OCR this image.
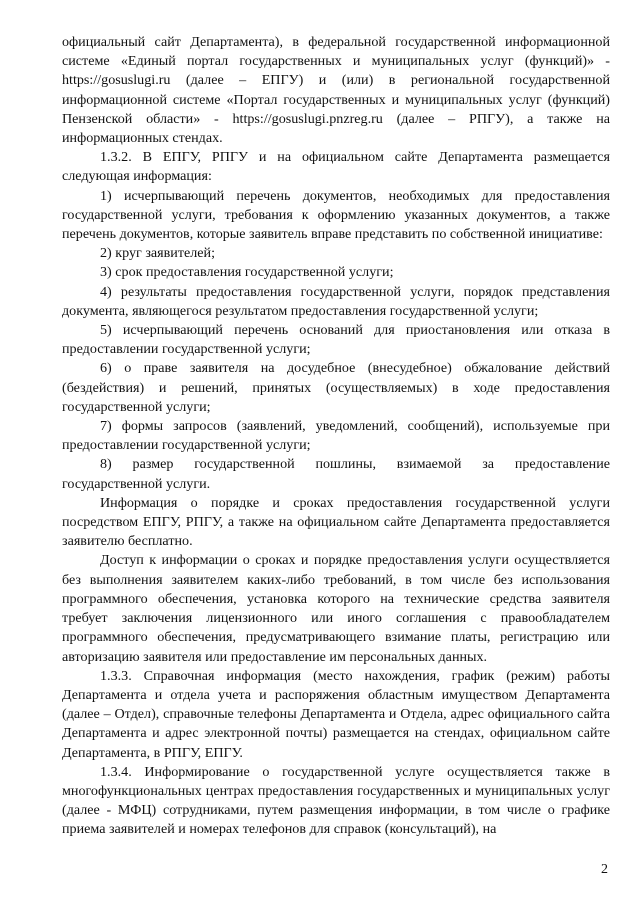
официальный сайт Департамента), в федеральной государственной информационной системе «Единый портал государственных и муниципальных услуг (функций)» - https://gosuslugi.ru (далее – ЕПГУ) и (или) в региональной государственной информационной системе «Портал государственных и муниципальных услуг (функций) Пензенской области» - https://gosuslugi.pnzreg.ru (далее – РПГУ), а также на информационных стендах.

1.3.2. В ЕПГУ, РПГУ и на официальном сайте Департамента размещается следующая информация:

1) исчерпывающий перечень документов, необходимых для предоставления государственной услуги, требования к оформлению указанных документов, а также перечень документов, которые заявитель вправе представить по собственной инициативе:

2) круг заявителей;

3) срок предоставления государственной услуги;

4) результаты предоставления государственной услуги, порядок представления документа, являющегося результатом предоставления государственной услуги;

5) исчерпывающий перечень оснований для приостановления или отказа в предоставлении государственной услуги;

6) о праве заявителя на досудебное (внесудебное) обжалование действий (бездействия) и решений, принятых (осуществляемых) в ходе предоставления государственной услуги;

7) формы запросов (заявлений, уведомлений, сообщений), используемые при предоставлении государственной услуги;

8) размер государственной пошлины, взимаемой за предоставление государственной услуги.

Информация о порядке и сроках предоставления государственной услуги посредством ЕПГУ, РПГУ, а также на официальном сайте Департамента предоставляется заявителю бесплатно.

Доступ к информации о сроках и порядке предоставления услуги осуществляется без выполнения заявителем каких-либо требований, в том числе без использования программного обеспечения, установка которого на технические средства заявителя требует заключения лицензионного или иного соглашения с правообладателем программного обеспечения, предусматривающего взимание платы, регистрацию или авторизацию заявителя или предоставление им персональных данных.

1.3.3. Справочная информация (место нахождения, график (режим) работы Департамента и отдела учета и распоряжения областным имуществом Департамента (далее – Отдел), справочные телефоны Департамента и Отдела, адрес официального сайта Департамента и адрес электронной почты) размещается на стендах, официальном сайте Департамента, в РПГУ, ЕПГУ.

1.3.4. Информирование о государственной услуге осуществляется также в многофункциональных центрах предоставления государственных и муниципальных услуг (далее - МФЦ) сотрудниками, путем размещения информации, в том числе о графике приема заявителей и номерах телефонов для справок (консультаций), на

2
